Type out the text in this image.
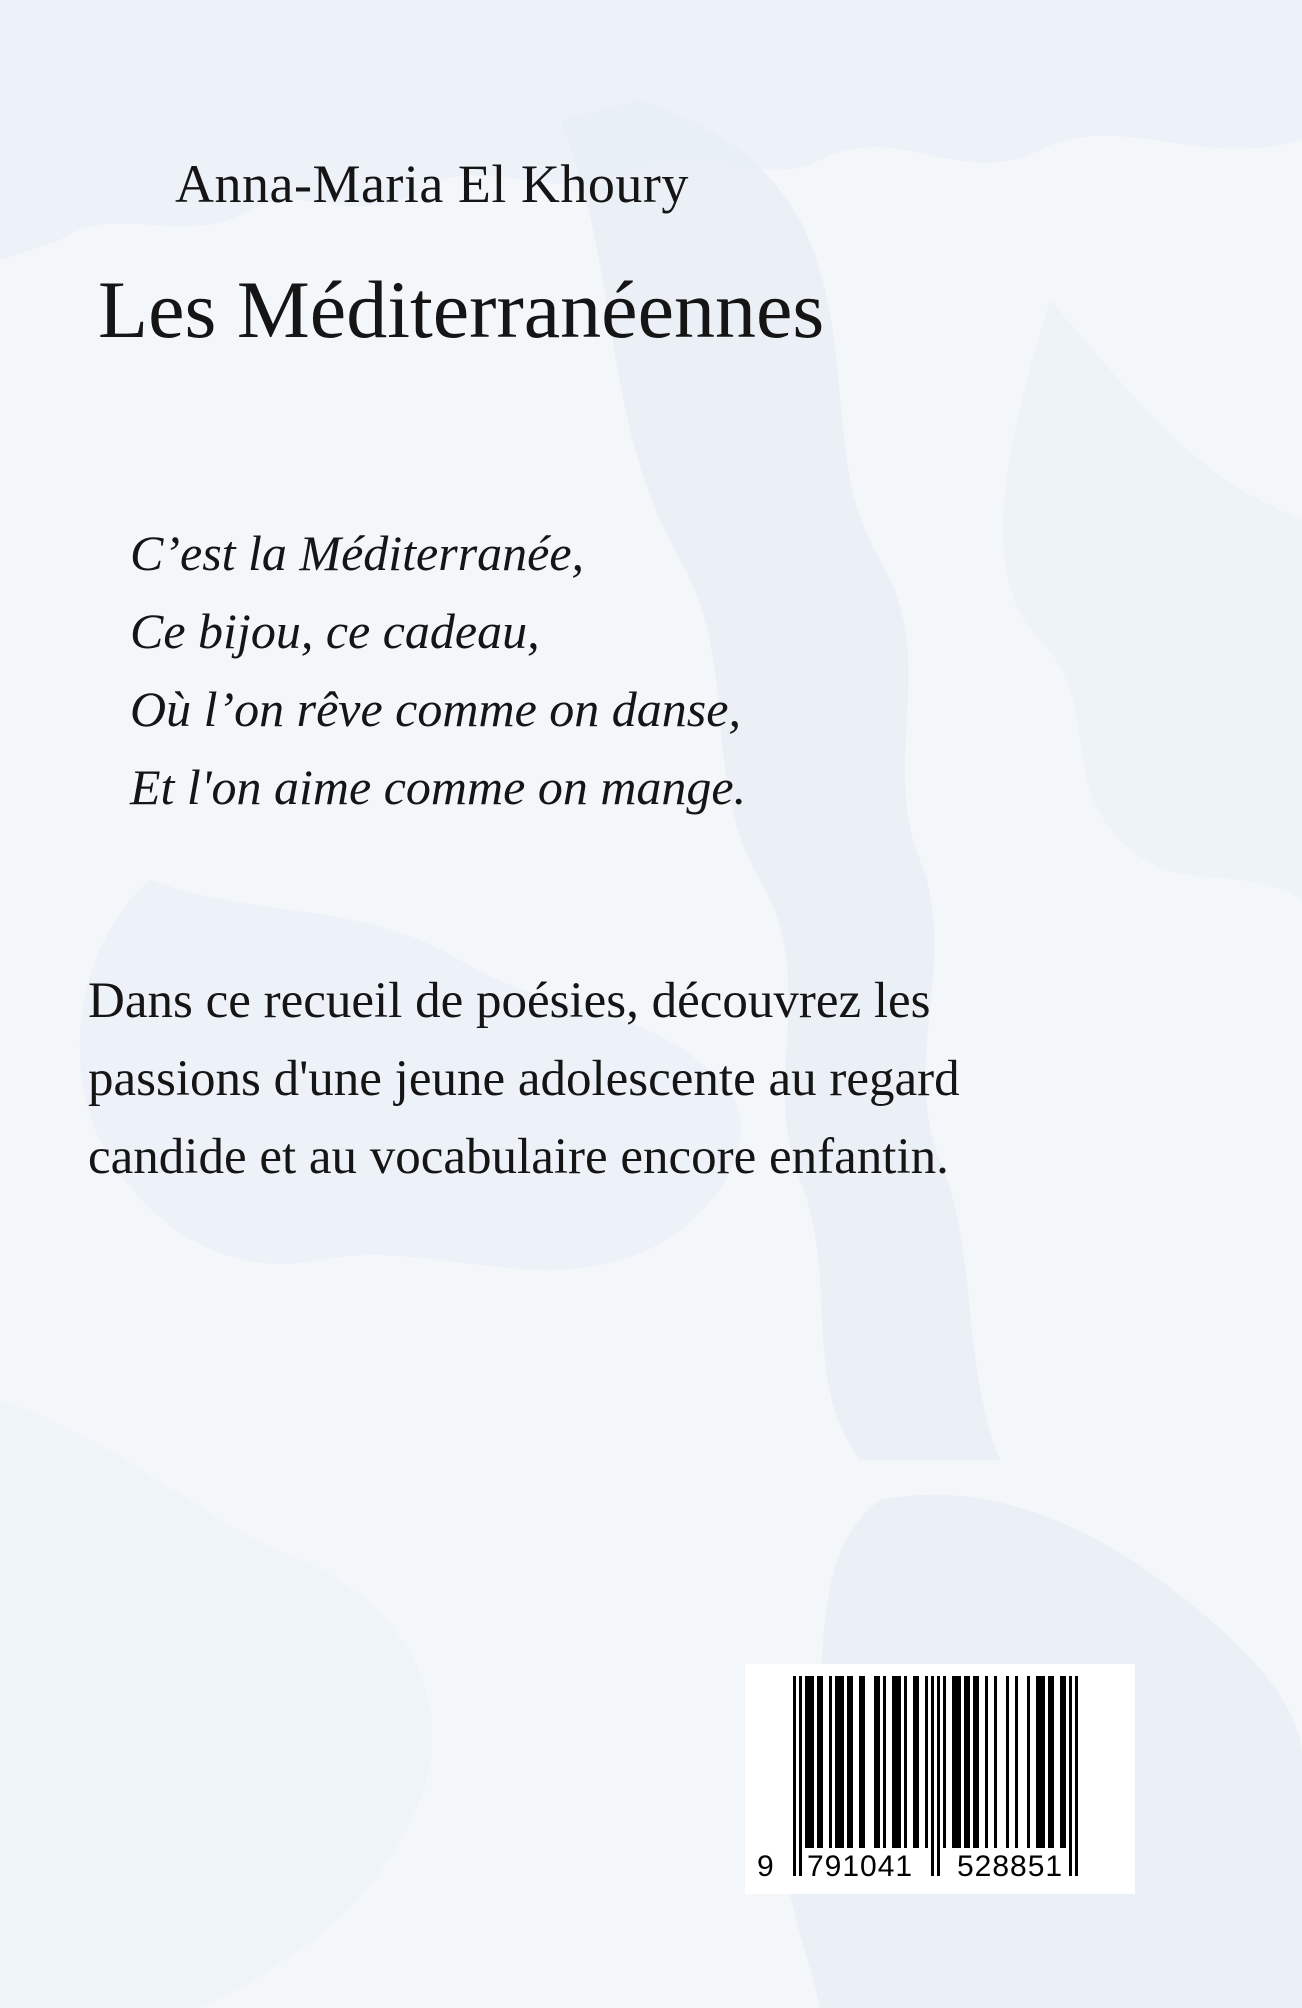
Anna-Maria El Khoury
Les Méditerranéennes
C’est la Méditerranée,
Ce bijou, ce cadeau,
Où l’on rêve comme on danse,
Et l'on aime comme on mange.
Dans ce recueil de poésies, découvrez les
passions d'une jeune adolescente au regard
candide et au vocabulaire encore enfantin.
9 791041 528851
